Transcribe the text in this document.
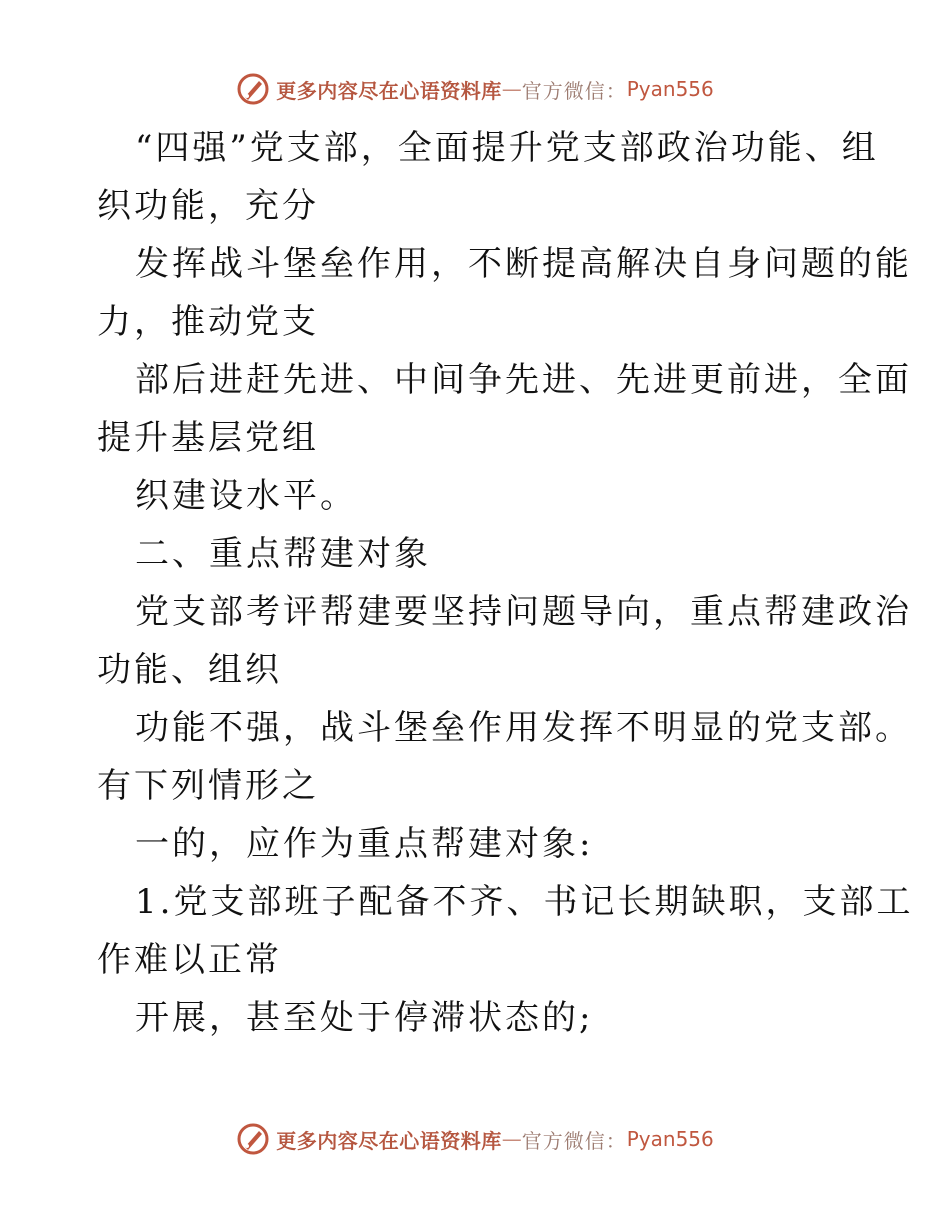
更多内容尽在心语资料库 — 官方微信： Pyan556
“四强”党支部，全面提升党支部政治功能、组
织功能，充分
发挥战斗堡垒作用，不断提高解决自身问题的能
力，推动党支
部后进赶先进、中间争先进、先进更前进，全面
提升基层党组
织建设水平。
二、重点帮建对象
党支部考评帮建要坚持问题导向，重点帮建政治
功能、组织
功能不强，战斗堡垒作用发挥不明显的党支部。
有下列情形之
一的，应作为重点帮建对象:
1.党支部班子配备不齐、书记长期缺职，支部工
作难以正常
开展，甚至处于停滞状态的;
更多内容尽在心语资料库 — 官方微信： Pyan556
